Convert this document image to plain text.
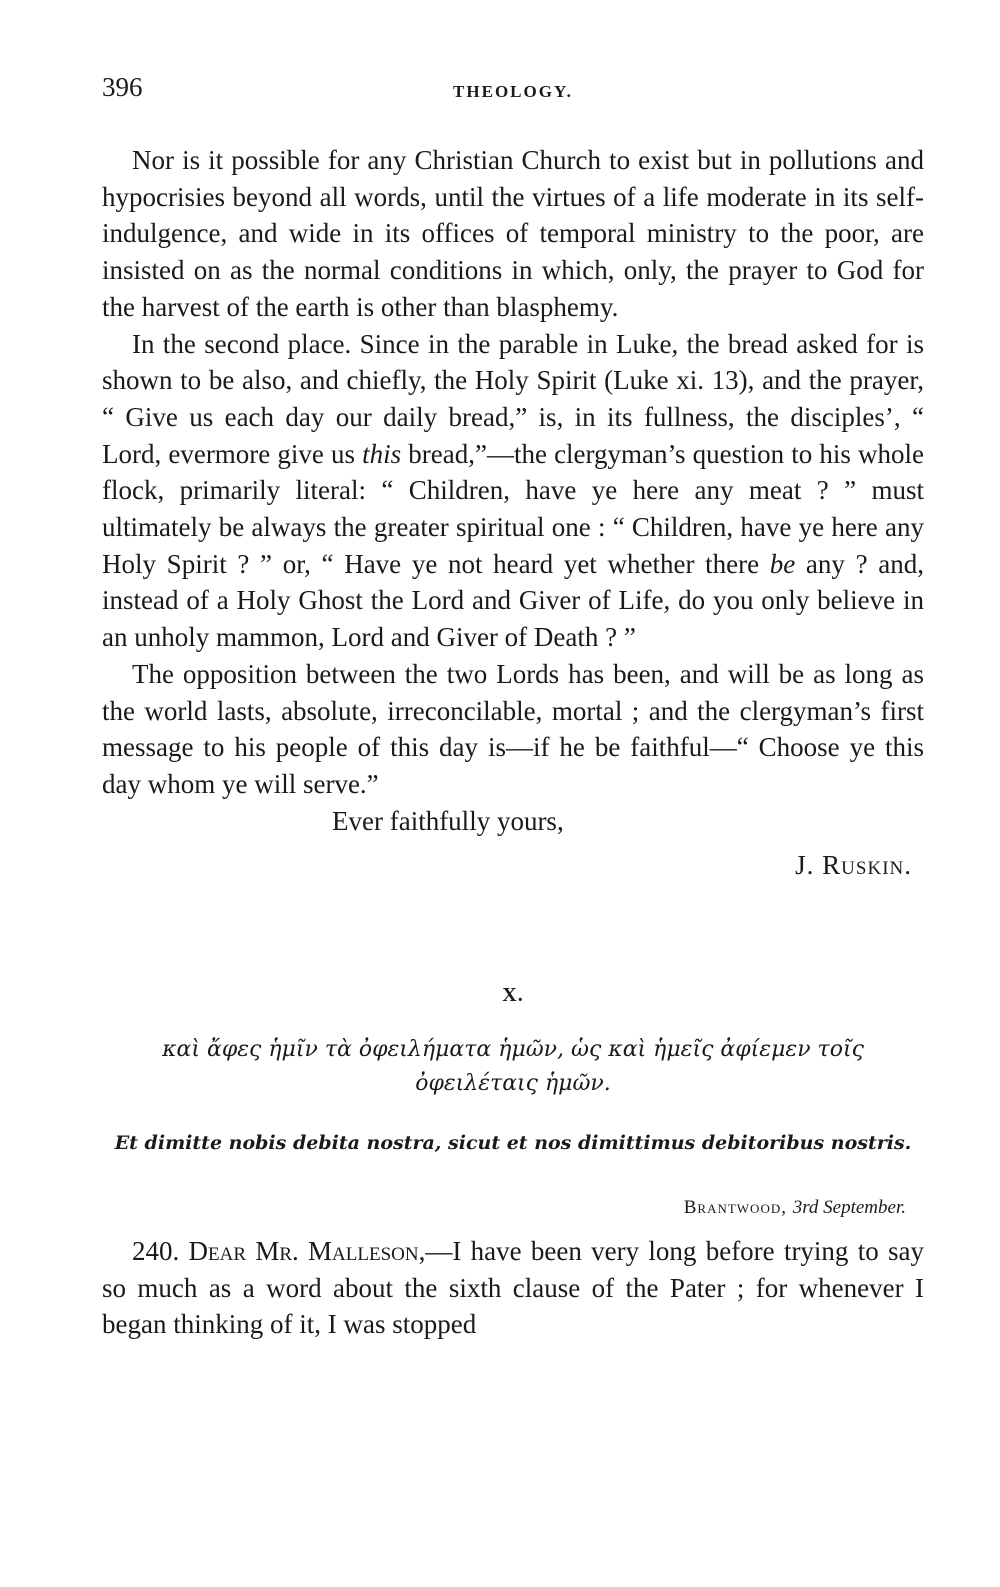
396	THEOLOGY.

Nor is it possible for any Christian Church to exist but in pollutions and hypocrisies beyond all words, until the virtues of a life moderate in its self-indulgence, and wide in its offices of temporal ministry to the poor, are insisted on as the normal conditions in which, only, the prayer to God for the harvest of the earth is other than blasphemy.

In the second place. Since in the parable in Luke, the bread asked for is shown to be also, and chiefly, the Holy Spirit (Luke xi. 13), and the prayer, “ Give us each day our daily bread,” is, in its fullness, the disciples’, “ Lord, evermore give us this bread,”—the clergyman’s question to his whole flock, primarily literal: “ Children, have ye here any meat ? ” must ultimately be always the greater spiritual one : “ Children, have ye here any Holy Spirit ? ” or, “ Have ye not heard yet whether there be any ? and, instead of a Holy Ghost the Lord and Giver of Life, do you only believe in an unholy mammon, Lord and Giver of Death ? ”

The opposition between the two Lords has been, and will be as long as the world lasts, absolute, irreconcilable, mortal ; and the clergyman’s first message to his people of this day is—if he be faithful—“ Choose ye this day whom ye will serve.”

Ever faithfully yours,
J. Ruskin.
X.
καὶ ἄφες ἡμῖν τὰ ὀφειλήματα ἡμῶν, ὡς καὶ ἡμεῖς ἀφίεμεν τοῖς ὀφειλέταις ἡμῶν.
Et dimitte nobis debita nostra, sicut et nos dimittimus debitoribus nostris.
Brantwood, 3rd September.

240. Dear Mr. Malleson,—I have been very long before trying to say so much as a word about the sixth clause of the Pater ; for whenever I began thinking of it, I was stopped
